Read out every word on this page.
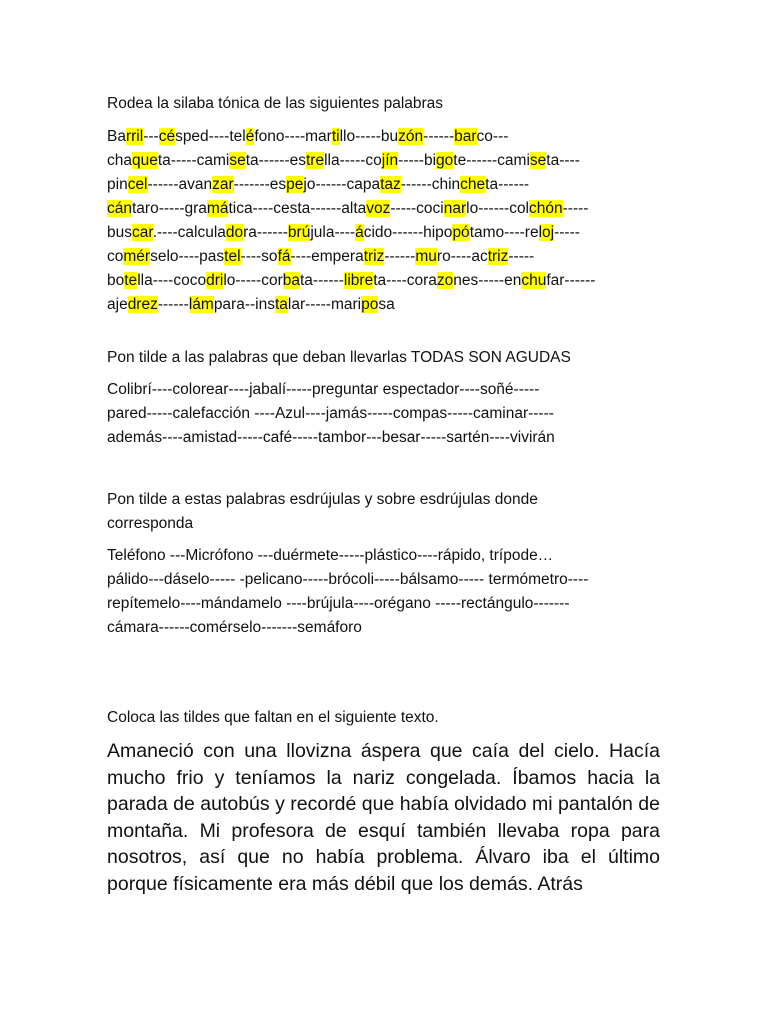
Rodea la silaba tónica de las siguientes palabras

Barril---césped----teléfono----martillo-----buzón------barco---
chaqueta-----camiseta------estrella-----cojín-----bigote------camiseta----
pincel------avanzar-------espejo------capataz------chincheta------
cántaro-----gramática----cesta------altavoz-----cocinarlo------colchón-----
buscar.----calculadora------brújula----ácido------hipopótamo----reloj-----
comérselo----pastel----sofá----emperatriz------muro----actriz-----
botella----cocodrilo-----corbata------libreta----corazones-----enchufar------
ajedrez------lámpara--instalar-----mariposa

Pon tilde a las palabras que deban llevarlas TODAS SON AGUDAS

Colibrí----colorear----jabalí-----preguntar espectador----soñé-----
pared-----calefacción ----Azul----jamás-----compas-----caminar-----
además----amistad-----café-----tambor---besar-----sartén----vivirán

Pon tilde a estas palabras esdrújulas y sobre esdrújulas donde
corresponda

Teléfono ---Micrófono ---duérmete-----plástico----rápido, trípode…
pálido---dáselo----- -pelicano-----brócoli-----bálsamo----- termómetro----
repítemelo----mándamelo ----brújula----orégano -----rectángulo-------
cámara------comérselo-------semáforo

Coloca las tildes que faltan en el siguiente texto.

Amaneció con una llovizna áspera que caía del cielo. Hacía mucho frio y teníamos la nariz congelada. Íbamos hacia la parada de autobús y recordé que había olvidado mi pantalón de montaña. Mi profesora de esquí también llevaba ropa para nosotros, así que no había problema. Álvaro iba el último porque físicamente era más débil que los demás. Atrás
